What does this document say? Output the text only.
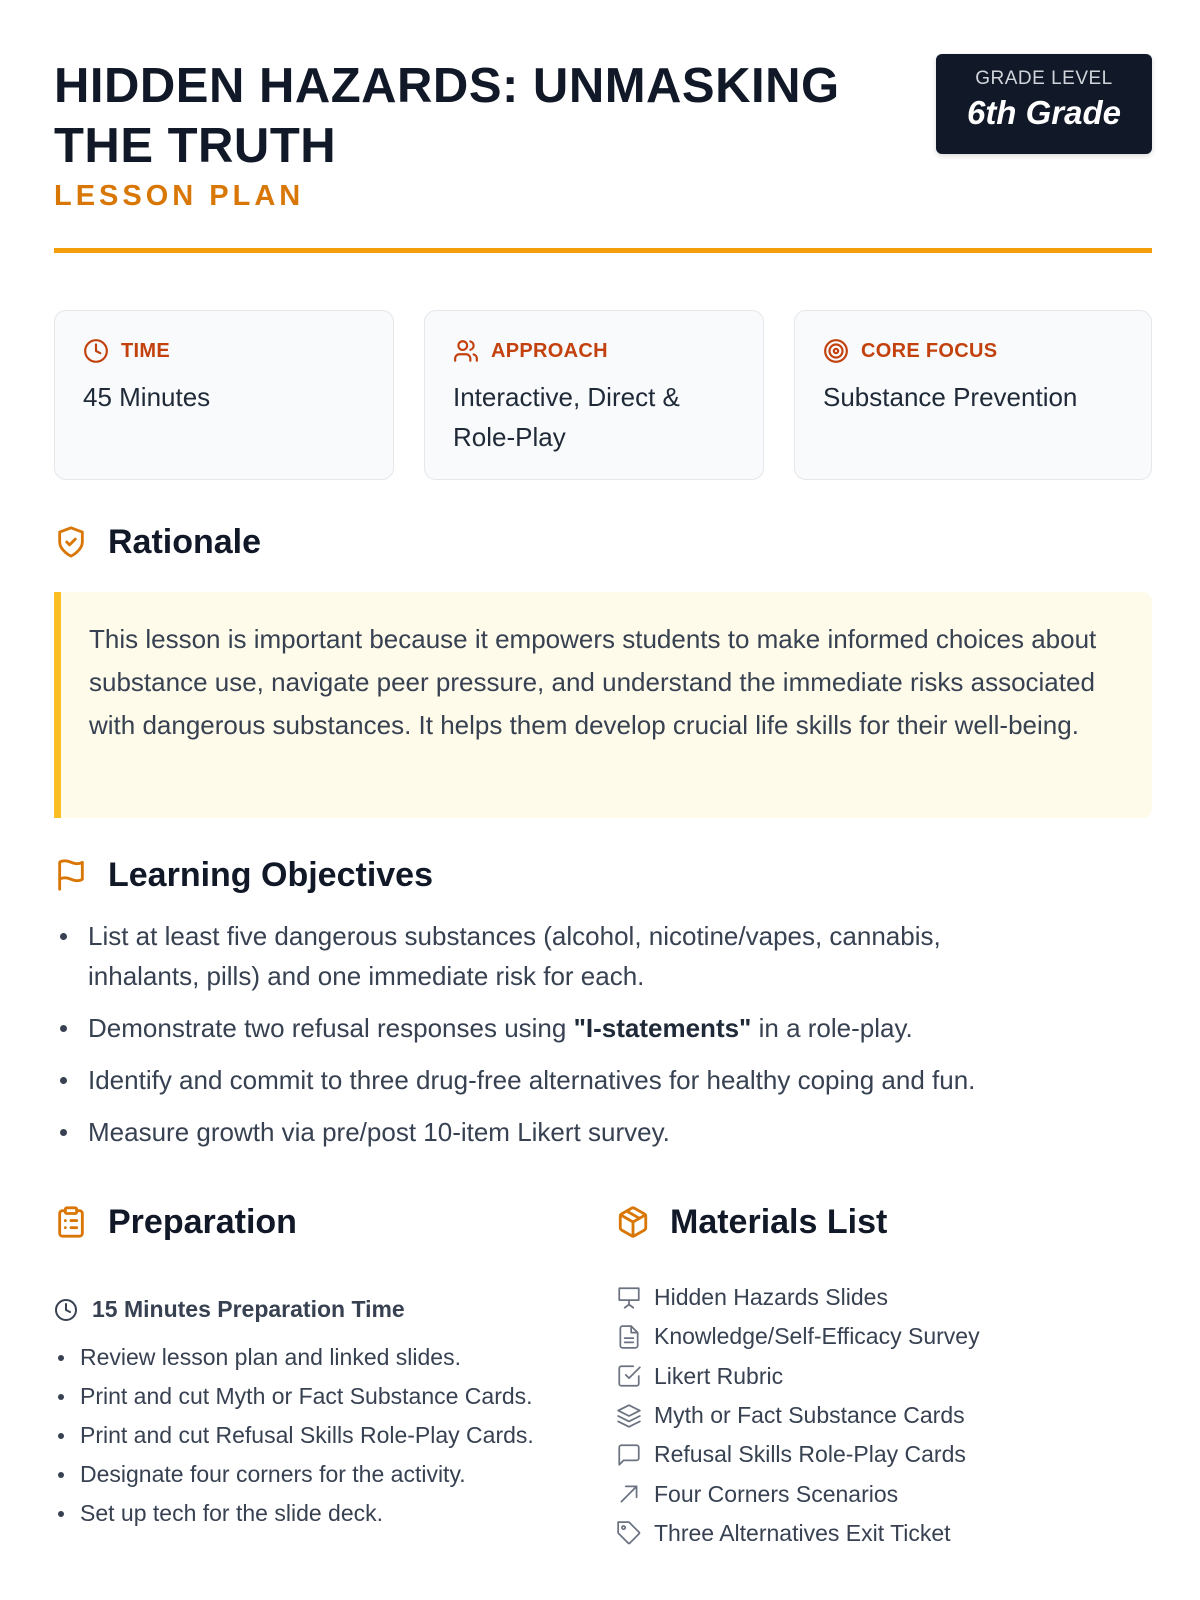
HIDDEN HAZARDS: UNMASKING THE TRUTH
LESSON PLAN
GRADE LEVEL
6th Grade
TIME
45 Minutes
APPROACH
Interactive, Direct & Role-Play
CORE FOCUS
Substance Prevention
Rationale
This lesson is important because it empowers students to make informed choices about substance use, navigate peer pressure, and understand the immediate risks associated with dangerous substances. It helps them develop crucial life skills for their well-being.
Learning Objectives
List at least five dangerous substances (alcohol, nicotine/vapes, cannabis, inhalants, pills) and one immediate risk for each.
Demonstrate two refusal responses using "I-statements" in a role-play.
Identify and commit to three drug-free alternatives for healthy coping and fun.
Measure growth via pre/post 10-item Likert survey.
Preparation
15 Minutes Preparation Time
Review lesson plan and linked slides.
Print and cut Myth or Fact Substance Cards.
Print and cut Refusal Skills Role-Play Cards.
Designate four corners for the activity.
Set up tech for the slide deck.
Materials List
Hidden Hazards Slides
Knowledge/Self-Efficacy Survey
Likert Rubric
Myth or Fact Substance Cards
Refusal Skills Role-Play Cards
Four Corners Scenarios
Three Alternatives Exit Ticket
